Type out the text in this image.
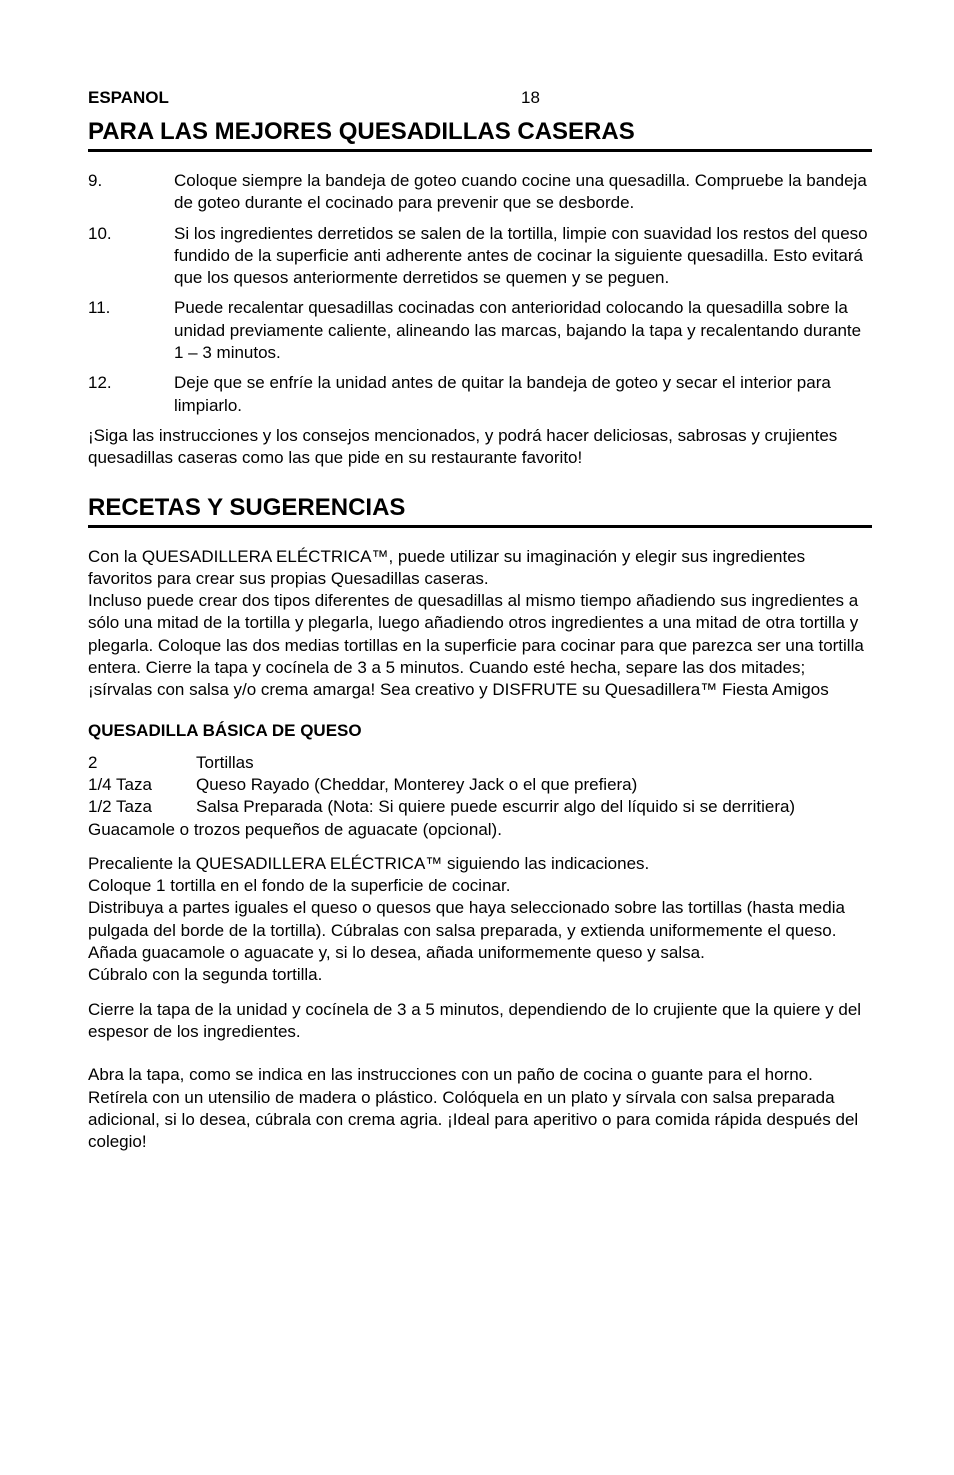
ESPANOL	18
PARA LAS MEJORES QUESADILLAS CASERAS
9.	Coloque siempre la bandeja de goteo cuando cocine una quesadilla. Compruebe la bandeja de goteo durante el cocinado para prevenir que se desborde.
10.	Si los ingredientes derretidos se salen de la tortilla, limpie con suavidad los restos del queso fundido de la superficie anti adherente antes de cocinar la siguiente quesadilla. Esto evitará que los quesos anteriormente derretidos se quemen y se peguen.
11.	Puede recalentar quesadillas cocinadas con anterioridad colocando la quesadilla sobre la unidad previamente caliente, alineando las marcas, bajando la tapa y recalentando durante 1 – 3 minutos.
12.	Deje que se enfríe la unidad antes de quitar la bandeja de goteo y secar el interior para limpiarlo.

¡Siga las instrucciones y los consejos mencionados, y podrá hacer deliciosas, sabrosas y crujientes quesadillas caseras como las que pide en su restaurante favorito!

RECETAS Y SUGERENCIAS

Con la QUESADILLERA ELÉCTRICA™, puede utilizar su imaginación y elegir sus ingredientes favoritos para crear sus propias Quesadillas caseras.

Incluso puede crear dos tipos diferentes de quesadillas al mismo tiempo añadiendo sus ingredientes a sólo una mitad de la tortilla y plegarla, luego añadiendo otros ingredientes a una mitad de otra tortilla y plegarla. Coloque las dos medias tortillas en la superficie para cocinar para que parezca ser una tortilla entera. Cierre la tapa y cocínela de 3 a 5 minutos. Cuando esté hecha, separe las dos mitades; ¡sírvalas con salsa y/o crema amarga! Sea creativo y DISFRUTE su Quesadillera™ Fiesta Amigos

QUESADILLA BÁSICA DE QUESO
2	Tortillas
1/4 Taza	Queso Rayado (Cheddar, Monterey Jack o el que prefiera)
1/2 Taza	Salsa Preparada (Nota: Si quiere puede escurrir algo del líquido si se derritiera)

Guacamole o trozos pequeños de aguacate (opcional).

Precaliente la QUESADILLERA ELÉCTRICA™ siguiendo las indicaciones.

Coloque 1 tortilla en el fondo de la superficie de cocinar.

Distribuya a partes iguales el queso o quesos que haya seleccionado sobre las tortillas (hasta media pulgada del borde de la tortilla). Cúbralas con salsa preparada, y extienda uniformemente el queso.

Añada guacamole o aguacate y, si lo desea, añada uniformemente queso y salsa.

Cúbralo con la segunda tortilla.

Cierre la tapa de la unidad y cocínela de 3 a 5 minutos, dependiendo de lo crujiente que la quiere y del espesor de los ingredientes.

Abra la tapa, como se indica en las instrucciones con un paño de cocina o guante para el horno. Retírela con un utensilio de madera o plástico. Colóquela en un plato y sírvala con salsa preparada adicional, si lo desea, cúbrala con crema agria. ¡Ideal para aperitivo o para comida rápida después del colegio!
